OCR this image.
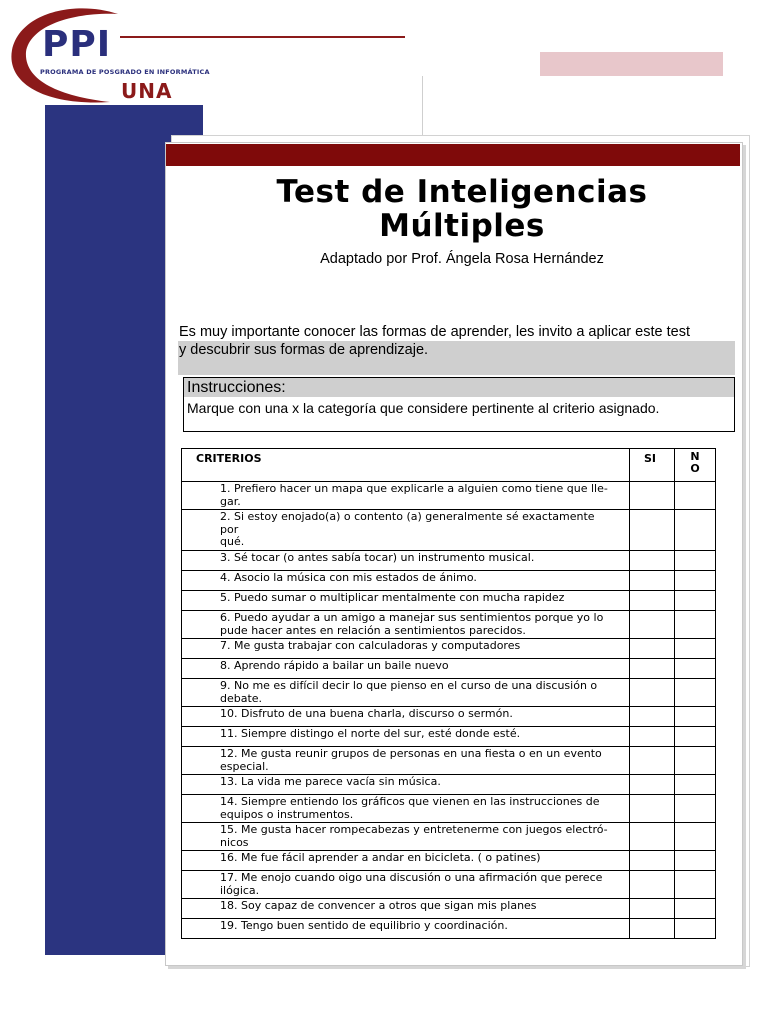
PPI
PROGRAMA DE POSGRADO EN INFORMÁTICA
UNA
Test de Inteligencias
Múltiples
Adaptado por Prof. Ángela Rosa Hernández
Es muy importante conocer las formas de aprender, les invito a aplicar este test
y descubrir sus formas de aprendizaje.
Instrucciones:
Marque con una x la categoría que considere pertinente al criterio asignado.
CRITERIOS	SI	N
O

1. Prefiero hacer un mapa que explicarle a alguien como tiene que lle-
gar.		

2. Si estoy enojado(a) o contento (a) generalmente sé exactamente
por
qué.		

3. Sé tocar (o antes sabía tocar) un instrumento musical.		

4. Asocio la música con mis estados de ánimo.		

5. Puedo sumar o multiplicar mentalmente con mucha rapidez		

6. Puedo ayudar a un amigo a manejar sus sentimientos porque yo lo
pude hacer antes en relación a sentimientos parecidos.		

7. Me gusta trabajar con calculadoras y computadores		

8. Aprendo rápido a bailar un baile nuevo		

9. No me es difícil decir lo que pienso en el curso de una discusión o
debate.		

10. Disfruto de una buena charla, discurso o sermón.		

11. Siempre distingo el norte del sur, esté donde esté.		

12. Me gusta reunir grupos de personas en una fiesta o en un evento
especial.		

13. La vida me parece vacía sin música.		

14. Siempre entiendo los gráficos que vienen en las instrucciones de
equipos o instrumentos.		

15. Me gusta hacer rompecabezas y entretenerme con juegos electró-
nicos		

16. Me fue fácil aprender a andar en bicicleta. ( o patines)		

17. Me enojo cuando oigo una discusión o una afirmación que perece
ilógica.		

18. Soy capaz de convencer a otros que sigan mis planes		

19. Tengo buen sentido de equilibrio y coordinación.		
